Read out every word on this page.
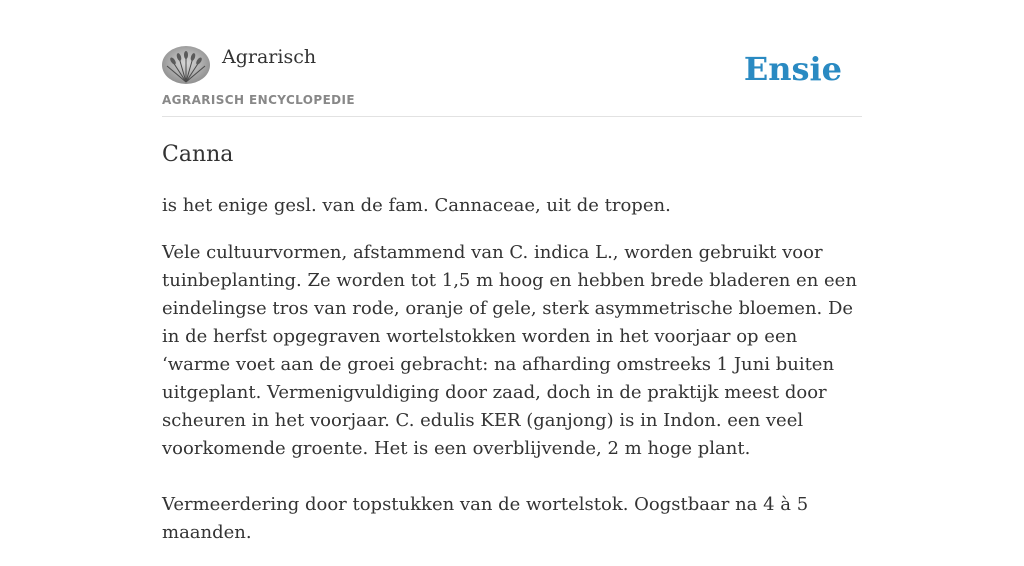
Agrarisch
AGRARISCH ENCYCLOPEDIE
Ensie
Canna

is het enige gesl. van de fam. Cannaceae, uit de tropen.

Vele cultuurvormen, afstammend van C. indica L., worden gebruikt voor tuinbeplanting. Ze worden tot 1,5 m hoog en hebben brede bladeren en een eindelingse tros van rode, oranje of gele, sterk asymmetrische bloemen. De in de herfst opgegraven wortelstokken worden in het voorjaar op een ‘warme voet aan de groei gebracht: na afharding omstreeks 1 Juni buiten uitgeplant. Vermenigvuldiging door zaad, doch in de praktijk meest door scheuren in het voorjaar. C. edulis KER (ganjong) is in Indon. een veel voorkomende groente. Het is een overblijvende, 2 m hoge plant.

Vermeerdering door topstukken van de wortelstok. Oogstbaar na 4 à 5 maanden.
